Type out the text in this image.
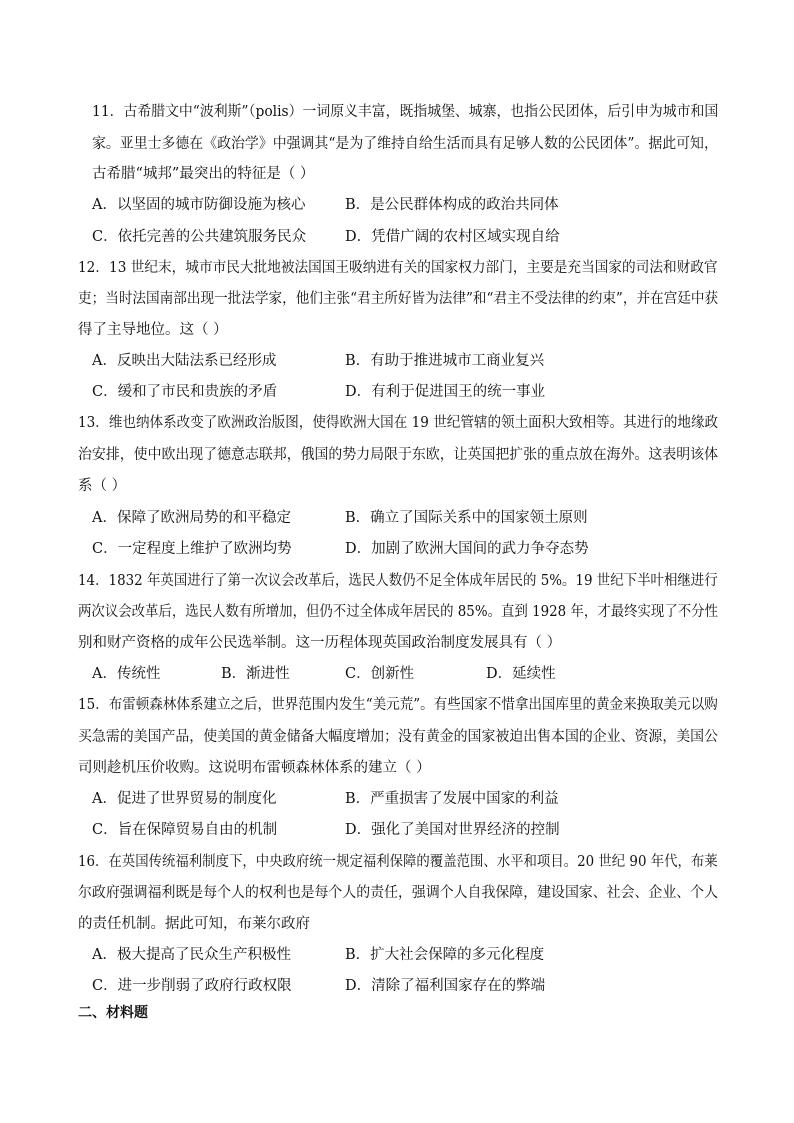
11．古希腊文中“波利斯”（polis）一词原义丰富，既指城堡、城寨，也指公民团体，后引申为城市和国
家。亚里士多德在《政治学》中强调其“是为了维持自给生活而具有足够人数的公民团体”。据此可知，
古希腊“城邦”最突出的特征是（ ）
A．以坚固的城市防御设施为核心	B．是公民群体构成的政治共同体
C．依托完善的公共建筑服务民众	D．凭借广阔的农村区域实现自给
12．13 世纪末，城市市民大批地被法国国王吸纳进有关的国家权力部门，主要是充当国家的司法和财政官
吏；当时法国南部出现一批法学家，他们主张“君主所好皆为法律”和“君主不受法律的约束”，并在宫廷中获
得了主导地位。这（ ）
A．反映出大陆法系已经形成	B．有助于推进城市工商业复兴
C．缓和了市民和贵族的矛盾	D．有利于促进国王的统一事业
13．维也纳体系改变了欧洲政治版图，使得欧洲大国在 19 世纪管辖的领土面积大致相等。其进行的地缘政
治安排，使中欧出现了德意志联邦，俄国的势力局限于东欧，让英国把扩张的重点放在海外。这表明该体
系（ ）
A．保障了欧洲局势的和平稳定	B．确立了国际关系中的国家领土原则
C．一定程度上维护了欧洲均势	D．加剧了欧洲大国间的武力争夺态势
14．1832 年英国进行了第一次议会改革后，选民人数仍不足全体成年居民的 5%。19 世纪下半叶相继进行
两次议会改革后，选民人数有所增加，但仍不过全体成年居民的 85%。直到 1928 年，才最终实现了不分性
别和财产资格的成年公民选举制。这一历程体现英国政治制度发展具有（ ）
A．传统性	B．渐进性	C．创新性	D．延续性
15．布雷顿森林体系建立之后，世界范围内发生“美元荒”。有些国家不惜拿出国库里的黄金来换取美元以购
买急需的美国产品，使美国的黄金储备大幅度增加；没有黄金的国家被迫出售本国的企业、资源，美国公
司则趁机压价收购。这说明布雷顿森林体系的建立（ ）
A．促进了世界贸易的制度化	B．严重损害了发展中国家的利益
C．旨在保障贸易自由的机制	D．强化了美国对世界经济的控制
16．在英国传统福利制度下，中央政府统一规定福利保障的覆盖范围、水平和项目。20 世纪 90 年代，布莱
尔政府强调福利既是每个人的权利也是每个人的责任，强调个人自我保障，建设国家、社会、企业、个人
的责任机制。据此可知，布莱尔政府
A．极大提高了民众生产积极性	B．扩大社会保障的多元化程度
C．进一步削弱了政府行政权限	D．清除了福利国家存在的弊端
二、材料题
